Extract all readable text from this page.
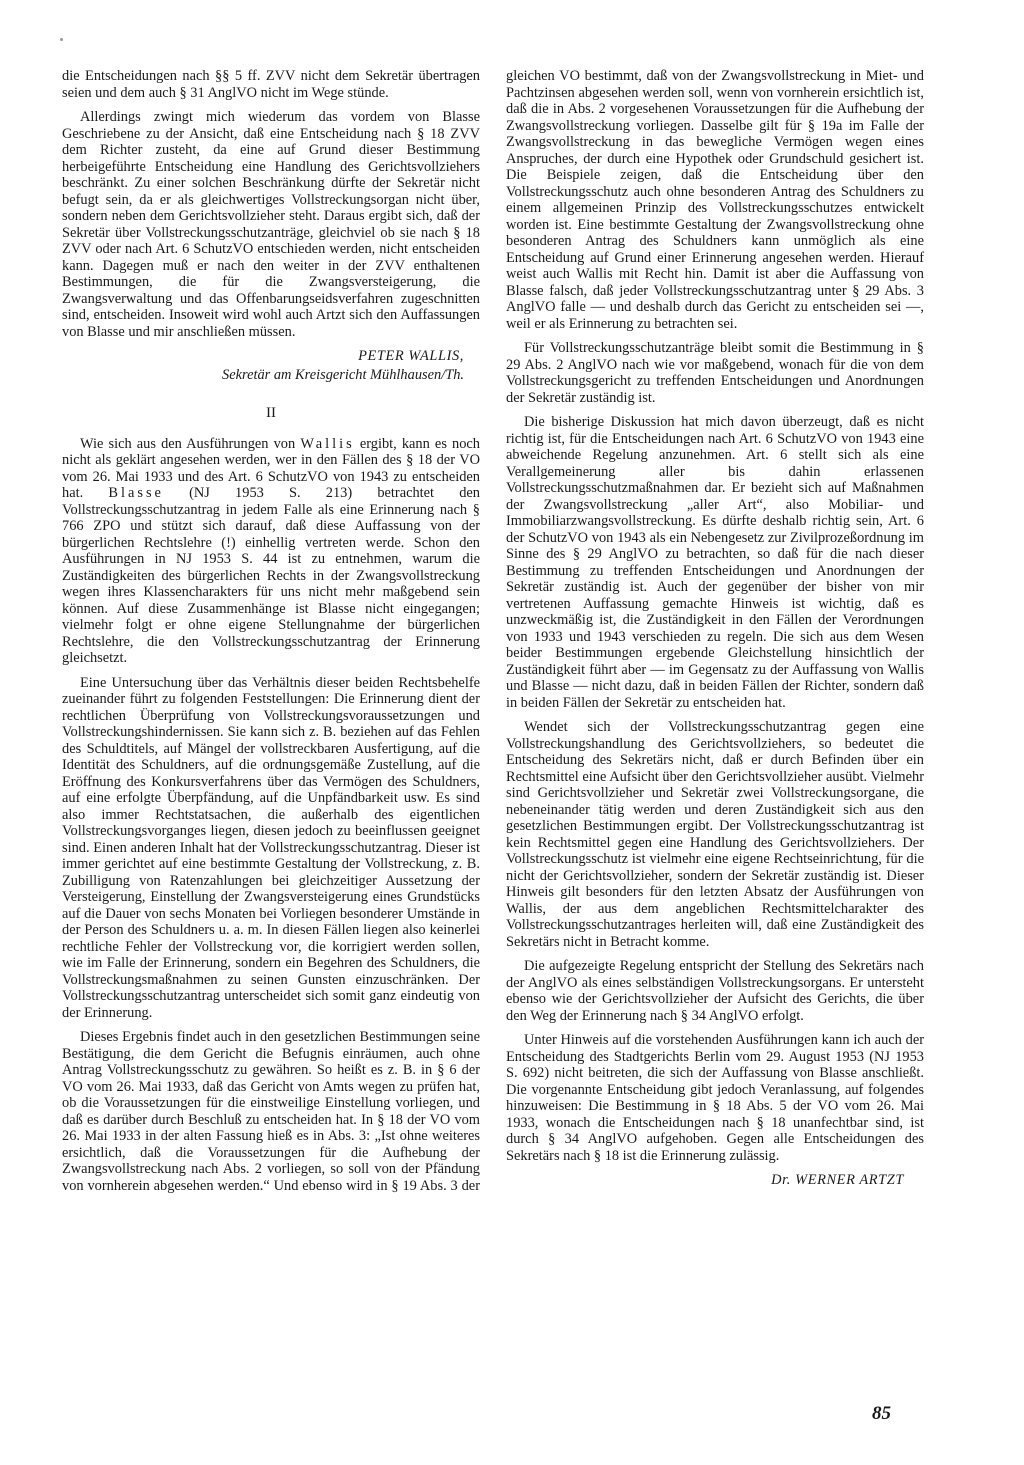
die Entscheidungen nach §§ 5 ff. ZVV nicht dem Sekretär übertragen seien und dem auch § 31 AnglVO nicht im Wege stünde.

Allerdings zwingt mich wiederum das vordem von Blasse Geschriebene zu der Ansicht, daß eine Entscheidung nach § 18 ZVV dem Richter zusteht, da eine auf Grund dieser Bestimmung herbeigeführte Entscheidung eine Handlung des Gerichtsvollziehers beschränkt. Zu einer solchen Beschränkung dürfte der Sekretär nicht befugt sein, da er als gleichwertiges Vollstreckungsorgan nicht über, sondern neben dem Gerichtsvollzieher steht. Daraus ergibt sich, daß der Sekretär über Vollstreckungsschutzanträge, gleichviel ob sie nach § 18 ZVV oder nach Art. 6 SchutzVO entschieden werden, nicht entscheiden kann. Dagegen muß er nach den weiter in der ZVV enthaltenen Bestimmungen, die für die Zwangsversteigerung, die Zwangsverwaltung und das Offenbarungseidsverfahren zugeschnitten sind, entscheiden. Insoweit wird wohl auch Artzt sich den Auffassungen von Blasse und mir anschließen müssen.

PETER WALLIS,
Sekretär am Kreisgericht Mühlhausen/Th.
II

Wie sich aus den Ausführungen von Wallis ergibt, kann es noch nicht als geklärt angesehen werden, wer in den Fällen des § 18 der VO vom 26. Mai 1933 und des Art. 6 SchutzVO von 1943 zu entscheiden hat. Blasse (NJ 1953 S. 213) betrachtet den Vollstreckungsschutzantrag in jedem Falle als eine Erinnerung nach § 766 ZPO und stützt sich darauf, daß diese Auffassung von der bürgerlichen Rechtslehre (!) einhellig vertreten werde. Schon den Ausführungen in NJ 1953 S. 44 ist zu entnehmen, warum die Zuständigkeiten des bürgerlichen Rechts in der Zwangsvollstreckung wegen ihres Klassencharakters für uns nicht mehr maßgebend sein können. Auf diese Zusammenhänge ist Blasse nicht eingegangen; vielmehr folgt er ohne eigene Stellungnahme der bürgerlichen Rechtslehre, die den Vollstreckungsschutzantrag der Erinnerung gleichsetzt.

Eine Untersuchung über das Verhältnis dieser beiden Rechtsbehelfe zueinander führt zu folgenden Feststellungen: Die Erinnerung dient der rechtlichen Überprüfung von Vollstreckungsvoraussetzungen und Vollstreckungshindernissen. Sie kann sich z. B. beziehen auf das Fehlen des Schuldtitels, auf Mängel der vollstreckbaren Ausfertigung, auf die Identität des Schuldners, auf die ordnungsgemäße Zustellung, auf die Eröffnung des Konkursverfahrens über das Vermögen des Schuldners, auf eine erfolgte Überpfändung, auf die Unpfändbarkeit usw. Es sind also immer Rechtstatsachen, die außerhalb des eigentlichen Vollstreckungsvorganges liegen, diesen jedoch zu beeinflussen geeignet sind. Einen anderen Inhalt hat der Vollstreckungsschutzantrag. Dieser ist immer gerichtet auf eine bestimmte Gestaltung der Vollstreckung, z. B. Zubilligung von Ratenzahlungen bei gleichzeitiger Aussetzung der Versteigerung, Einstellung der Zwangsversteigerung eines Grundstücks auf die Dauer von sechs Monaten bei Vorliegen besonderer Umstände in der Person des Schuldners u. a. m. In diesen Fällen liegen also keinerlei rechtliche Fehler der Vollstreckung vor, die korrigiert werden sollen, wie im Falle der Erinnerung, sondern ein Begehren des Schuldners, die Vollstreckungsmaßnahmen zu seinen Gunsten einzuschränken. Der Vollstreckungsschutzantrag unterscheidet sich somit ganz eindeutig von der Erinnerung.

Dieses Ergebnis findet auch in den gesetzlichen Bestimmungen seine Bestätigung, die dem Gericht die Befugnis einräumen, auch ohne Antrag Vollstreckungsschutz zu gewähren. So heißt es z. B. in § 6 der VO vom 26. Mai 1933, daß das Gericht von Amts wegen zu prüfen hat, ob die Voraussetzungen für die einstweilige Einstellung vorliegen, und daß es darüber durch Beschluß zu entscheiden hat. In § 18 der VO vom 26. Mai 1933 in der alten Fassung hieß es in Abs. 3: „Ist ohne weiteres ersichtlich, daß die Voraussetzungen für die Aufhebung der Zwangsvollstreckung nach Abs. 2 vorliegen, so soll von der Pfändung von vornherein abgesehen werden.“ Und ebenso wird in § 19 Abs. 3 der

gleichen VO bestimmt, daß von der Zwangsvollstreckung in Miet- und Pachtzinsen abgesehen werden soll, wenn von vornherein ersichtlich ist, daß die in Abs. 2 vorgesehenen Voraussetzungen für die Aufhebung der Zwangsvollstreckung vorliegen. Dasselbe gilt für § 19a im Falle der Zwangsvollstreckung in das bewegliche Vermögen wegen eines Anspruches, der durch eine Hypothek oder Grundschuld gesichert ist. Die Beispiele zeigen, daß die Entscheidung über den Vollstreckungsschutz auch ohne besonderen Antrag des Schuldners zu einem allgemeinen Prinzip des Vollstreckungsschutzes entwickelt worden ist. Eine bestimmte Gestaltung der Zwangsvollstreckung ohne besonderen Antrag des Schuldners kann unmöglich als eine Entscheidung auf Grund einer Erinnerung angesehen werden. Hierauf weist auch Wallis mit Recht hin. Damit ist aber die Auffassung von Blasse falsch, daß jeder Vollstreckungsschutzantrag unter § 29 Abs. 3 AnglVO falle — und deshalb durch das Gericht zu entscheiden sei —, weil er als Erinnerung zu betrachten sei.

Für Vollstreckungsschutzanträge bleibt somit die Bestimmung in § 29 Abs. 2 AnglVO nach wie vor maßgebend, wonach für die von dem Vollstreckungsgericht zu treffenden Entscheidungen und Anordnungen der Sekretär zuständig ist.

Die bisherige Diskussion hat mich davon überzeugt, daß es nicht richtig ist, für die Entscheidungen nach Art. 6 SchutzVO von 1943 eine abweichende Regelung anzunehmen. Art. 6 stellt sich als eine Verallgemeinerung aller bis dahin erlassenen Vollstreckungsschutzmaßnahmen dar. Er bezieht sich auf Maßnahmen der Zwangsvollstreckung „aller Art“, also Mobiliar- und Immobiliarzwangsvollstreckung. Es dürfte deshalb richtig sein, Art. 6 der SchutzVO von 1943 als ein Nebengesetz zur Zivilprozeßordnung im Sinne des § 29 AnglVO zu betrachten, so daß für die nach dieser Bestimmung zu treffenden Entscheidungen und Anordnungen der Sekretär zuständig ist. Auch der gegenüber der bisher von mir vertretenen Auffassung gemachte Hinweis ist wichtig, daß es unzweckmäßig ist, die Zuständigkeit in den Fällen der Verordnungen von 1933 und 1943 verschieden zu regeln. Die sich aus dem Wesen beider Bestimmungen ergebende Gleichstellung hinsichtlich der Zuständigkeit führt aber — im Gegensatz zu der Auffassung von Wallis und Blasse — nicht dazu, daß in beiden Fällen der Richter, sondern daß in beiden Fällen der Sekretär zu entscheiden hat.

Wendet sich der Vollstreckungsschutzantrag gegen eine Vollstreckungshandlung des Gerichtsvollziehers, so bedeutet die Entscheidung des Sekretärs nicht, daß er durch Befinden über ein Rechtsmittel eine Aufsicht über den Gerichtsvollzieher ausübt. Vielmehr sind Gerichtsvollzieher und Sekretär zwei Vollstreckungsorgane, die nebeneinander tätig werden und deren Zuständigkeit sich aus den gesetzlichen Bestimmungen ergibt. Der Vollstreckungsschutzantrag ist kein Rechtsmittel gegen eine Handlung des Gerichtsvollziehers. Der Vollstreckungsschutz ist vielmehr eine eigene Rechtseinrichtung, für die nicht der Gerichtsvollzieher, sondern der Sekretär zuständig ist. Dieser Hinweis gilt besonders für den letzten Absatz der Ausführungen von Wallis, der aus dem angeblichen Rechtsmittelcharakter des Vollstreckungsschutzantrages herleiten will, daß eine Zuständigkeit des Sekretärs nicht in Betracht komme.

Die aufgezeigte Regelung entspricht der Stellung des Sekretärs nach der AnglVO als eines selbständigen Vollstreckungsorgans. Er untersteht ebenso wie der Gerichtsvollzieher der Aufsicht des Gerichts, die über den Weg der Erinnerung nach § 34 AnglVO erfolgt.

Unter Hinweis auf die vorstehenden Ausführungen kann ich auch der Entscheidung des Stadtgerichts Berlin vom 29. August 1953 (NJ 1953 S. 692) nicht beitreten, die sich der Auffassung von Blasse anschließt. Die vorgenannte Entscheidung gibt jedoch Veranlassung, auf folgendes hinzuweisen: Die Bestimmung in § 18 Abs. 5 der VO vom 26. Mai 1933, wonach die Entscheidungen nach § 18 unanfechtbar sind, ist durch § 34 AnglVO aufgehoben. Gegen alle Entscheidungen des Sekretärs nach § 18 ist die Erinnerung zulässig.

Dr. WERNER ARTZT
85
